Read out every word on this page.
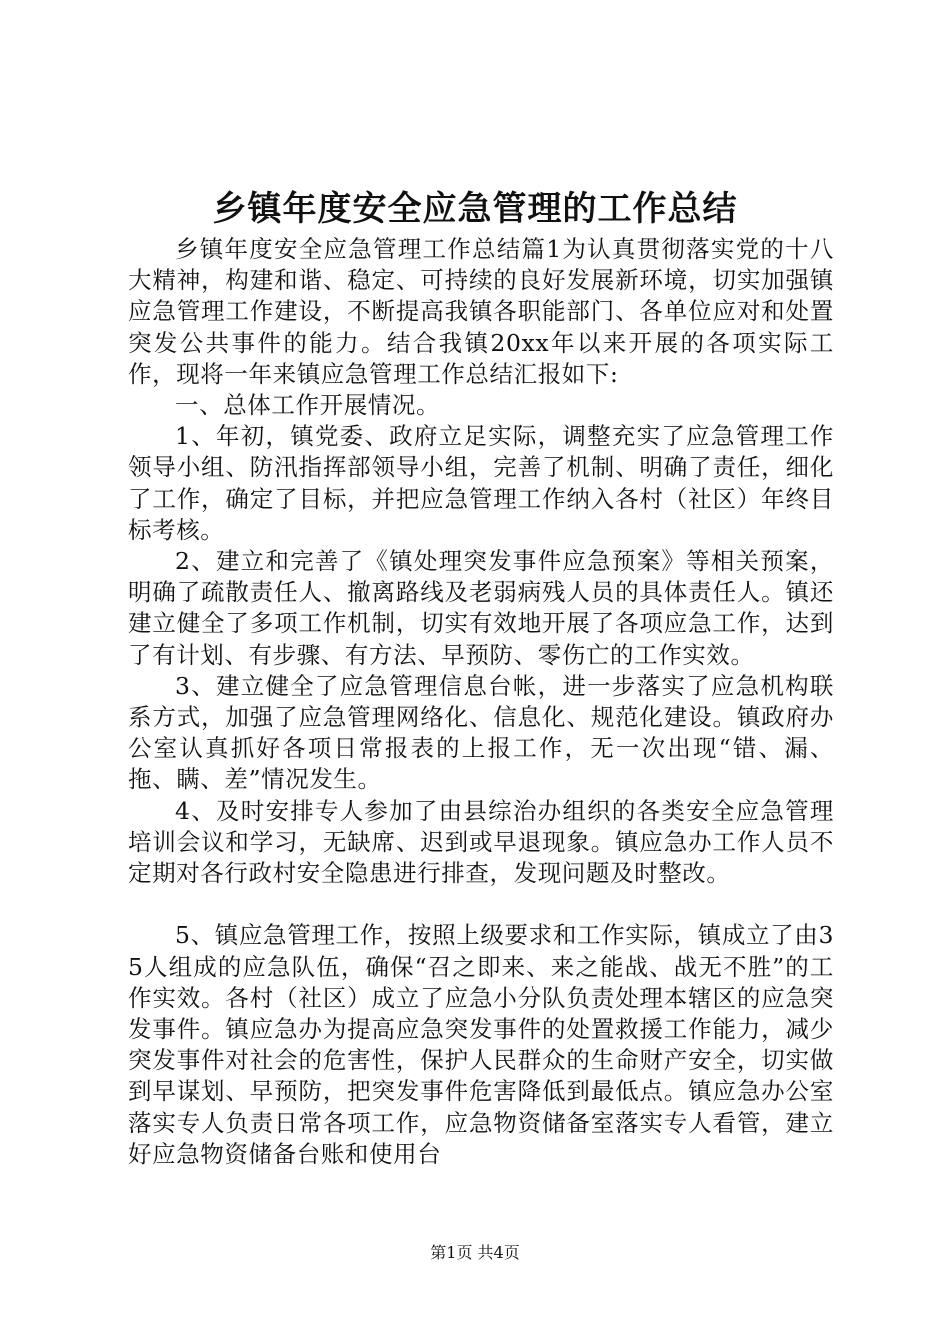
乡镇年度安全应急管理的工作总结

乡镇年度安全应急管理工作总结篇1为认真贯彻落实党的十八大精神，构建和谐、稳定、可持续的良好发展新环境，切实加强镇应急管理工作建设，不断提高我镇各职能部门、各单位应对和处置突发公共事件的能力。结合我镇20xx年以来开展的各项实际工作，现将一年来镇应急管理工作总结汇报如下:

一、总体工作开展情况。

1、年初，镇党委、政府立足实际，调整充实了应急管理工作领导小组、防汛指挥部领导小组，完善了机制、明确了责任，细化了工作，确定了目标，并把应急管理工作纳入各村（社区）年终目标考核。

2、建立和完善了《镇处理突发事件应急预案》等相关预案，明确了疏散责任人、撤离路线及老弱病残人员的具体责任人。镇还建立健全了多项工作机制，切实有效地开展了各项应急工作，达到了有计划、有步骤、有方法、早预防、零伤亡的工作实效。

3、建立健全了应急管理信息台帐，进一步落实了应急机构联系方式，加强了应急管理网络化、信息化、规范化建设。镇政府办公室认真抓好各项日常报表的上报工作，无一次出现“错、漏、拖、瞒、差”情况发生。

4、及时安排专人参加了由县综治办组织的各类安全应急管理培训会议和学习，无缺席、迟到或早退现象。镇应急办工作人员不定期对各行政村安全隐患进行排查，发现问题及时整改。

5、镇应急管理工作，按照上级要求和工作实际，镇成立了由35人组成的应急队伍，确保“召之即来、来之能战、战无不胜”的工作实效。各村（社区）成立了应急小分队负责处理本辖区的应急突发事件。镇应急办为提高应急突发事件的处置救援工作能力，减少突发事件对社会的危害性，保护人民群众的生命财产安全，切实做到早谋划、早预防，把突发事件危害降低到最低点。镇应急办公室落实专人负责日常各项工作，应急物资储备室落实专人看管，建立好应急物资储备台账和使用台

第1页 共4页
